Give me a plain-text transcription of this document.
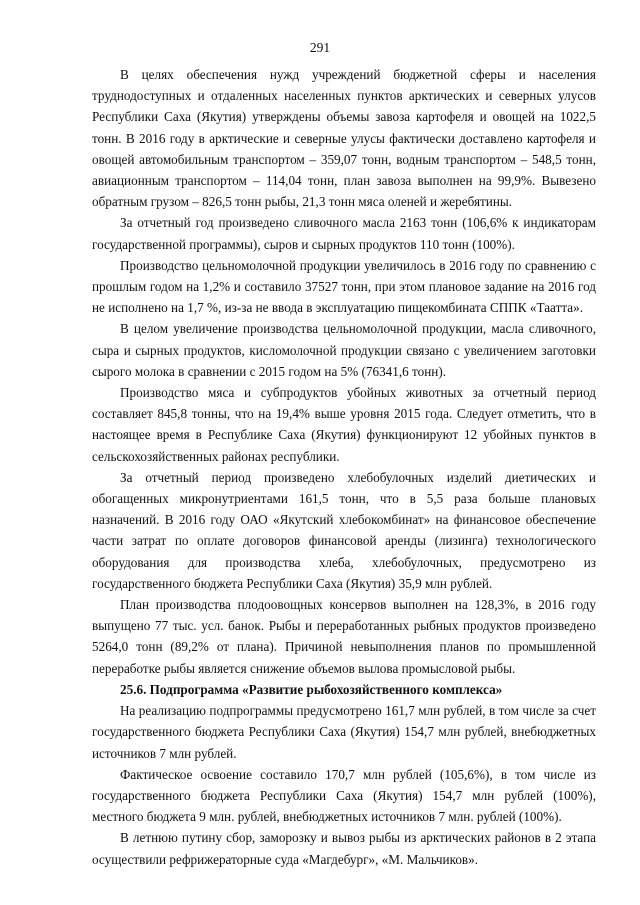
291

В целях обеспечения нужд учреждений бюджетной сферы и населения труднодоступных и отдаленных населенных пунктов арктических и северных улусов Республики Саха (Якутия) утверждены объемы завоза картофеля и овощей на 1022,5 тонн. В 2016 году в арктические и северные улусы фактически доставлено картофеля и овощей автомобильным транспортом – 359,07 тонн, водным транспортом – 548,5 тонн, авиационным транспортом – 114,04 тонн, план завоза выполнен на 99,9%. Вывезено обратным грузом – 826,5 тонн рыбы, 21,3 тонн мяса оленей и жеребятины.

За отчетный год произведено сливочного масла 2163 тонн (106,6% к индикаторам государственной программы), сыров и сырных продуктов 110 тонн (100%).

Производство цельномолочной продукции увеличилось в 2016 году по сравнению с прошлым годом на 1,2% и составило 37527 тонн, при этом плановое задание на 2016 год не исполнено на 1,7 %, из-за не ввода в эксплуатацию пищекомбината СППК «Таатта».

В целом увеличение производства цельномолочной продукции, масла сливочного, сыра и сырных продуктов, кисломолочной продукции связано с увеличением заготовки сырого молока в сравнении с 2015 годом на 5% (76341,6 тонн).

Производство мяса и субпродуктов убойных животных за отчетный период составляет 845,8 тонны, что на 19,4% выше уровня 2015 года. Следует отметить, что в настоящее время в Республике Саха (Якутия) функционируют 12 убойных пунктов в сельскохозяйственных районах республики.

За отчетный период произведено хлебобулочных изделий диетических и обогащенных микронутриентами 161,5 тонн, что в 5,5 раза больше плановых назначений. В 2016 году ОАО «Якутский хлебокомбинат» на финансовое обеспечение части затрат по оплате договоров финансовой аренды (лизинга) технологического оборудования для производства хлеба, хлебобулочных, предусмотрено из государственного бюджета Республики Саха (Якутия) 35,9 млн рублей.

План производства плодоовощных консервов выполнен на 128,3%, в 2016 году выпущено 77 тыс. усл. банок. Рыбы и переработанных рыбных продуктов произведено 5264,0 тонн (89,2% от плана). Причиной невыполнения планов по промышленной переработке рыбы является снижение объемов вылова промысловой рыбы.

25.6. Подпрограмма «Развитие рыбохозяйственного комплекса»

На реализацию подпрограммы предусмотрено 161,7 млн рублей, в том числе за счет государственного бюджета Республики Саха (Якутия) 154,7 млн рублей, внебюджетных источников 7 млн рублей.

Фактическое освоение составило 170,7 млн рублей (105,6%), в том числе из государственного бюджета Республики Саха (Якутия) 154,7 млн рублей (100%), местного бюджета 9 млн. рублей, внебюджетных источников 7 млн. рублей (100%).

В летнюю путину сбор, заморозку и вывоз рыбы из арктических районов в 2 этапа осуществили рефрижераторные суда «Магдебург», «М. Мальчиков».
